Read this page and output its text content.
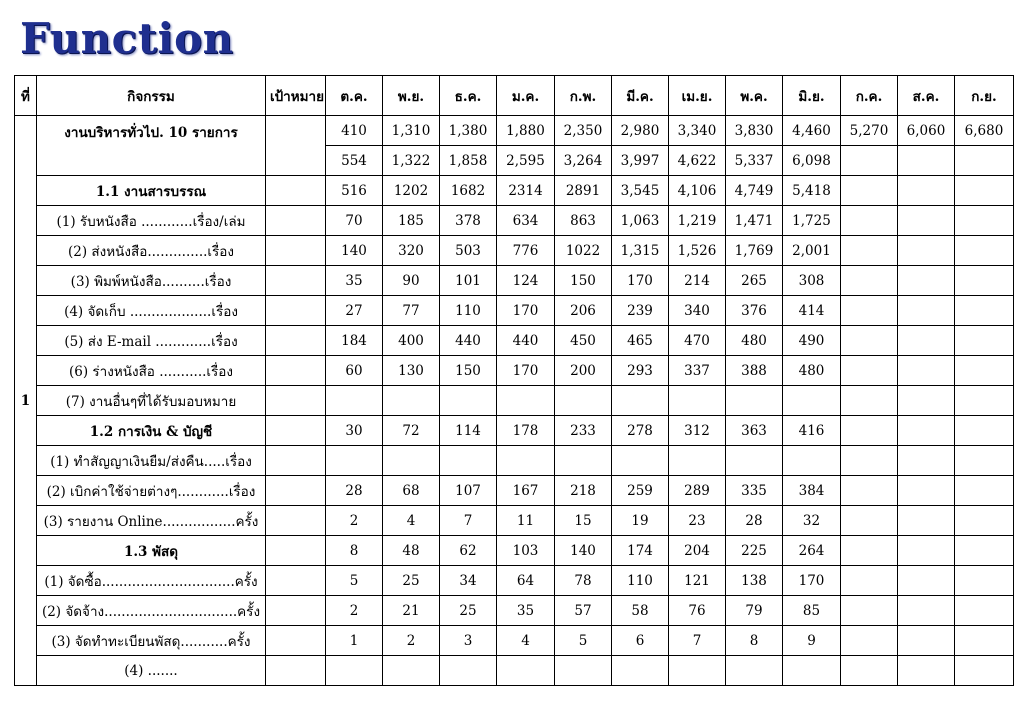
Function
ที่	กิจกรรม	เป้าหมาย	ต.ค.	พ.ย.	ธ.ค.	ม.ค.	ก.พ.	มี.ค.	เม.ย.	พ.ค.	มิ.ย.	ก.ค.	ส.ค.	ก.ย.
1	งานบริหารทั่วไป. 10 รายการ		410	1,310	1,380	1,880	2,350	2,980	3,340	3,830	4,460	5,270	6,060	6,680
			554	1,322	1,858	2,595	3,264	3,997	4,622	5,337	6,098			
	1.1 งานสารบรรณ		516	1202	1682	2314	2891	3,545	4,106	4,749	5,418			
	(1) รับหนังสือ ............เรื่อง/เล่ม		70	185	378	634	863	1,063	1,219	1,471	1,725			
	(2) ส่งหนังสือ..............เรื่อง		140	320	503	776	1022	1,315	1,526	1,769	2,001			
	(3) พิมพ์หนังสือ..........เรื่อง		35	90	101	124	150	170	214	265	308			
	(4) จัดเก็บ ...................เรื่อง		27	77	110	170	206	239	340	376	414			
	(5) ส่ง E-mail .............เรื่อง		184	400	440	440	450	465	470	480	490			
	(6) ร่างหนังสือ ...........เรื่อง		60	130	150	170	200	293	337	388	480			
	(7) งานอื่นๆที่ได้รับมอบหมาย													
	1.2 การเงิน & บัญชี		30	72	114	178	233	278	312	363	416			
	(1) ทำสัญญาเงินยืม/ส่งคืน.....เรื่อง													
	(2) เบิกค่าใช้จ่ายต่างๆ............เรื่อง		28	68	107	167	218	259	289	335	384			
	(3) รายงาน Online.................ครั้ง		2	4	7	11	15	19	23	28	32			
	1.3 พัสดุ		8	48	62	103	140	174	204	225	264			
	(1) จัดซื้อ...............................ครั้ง		5	25	34	64	78	110	121	138	170			
	(2) จัดจ้าง...............................ครั้ง		2	21	25	35	57	58	76	79	85			
	(3) จัดทำทะเบียนพัสดุ...........ครั้ง		1	2	3	4	5	6	7	8	9			
	(4) .......													
